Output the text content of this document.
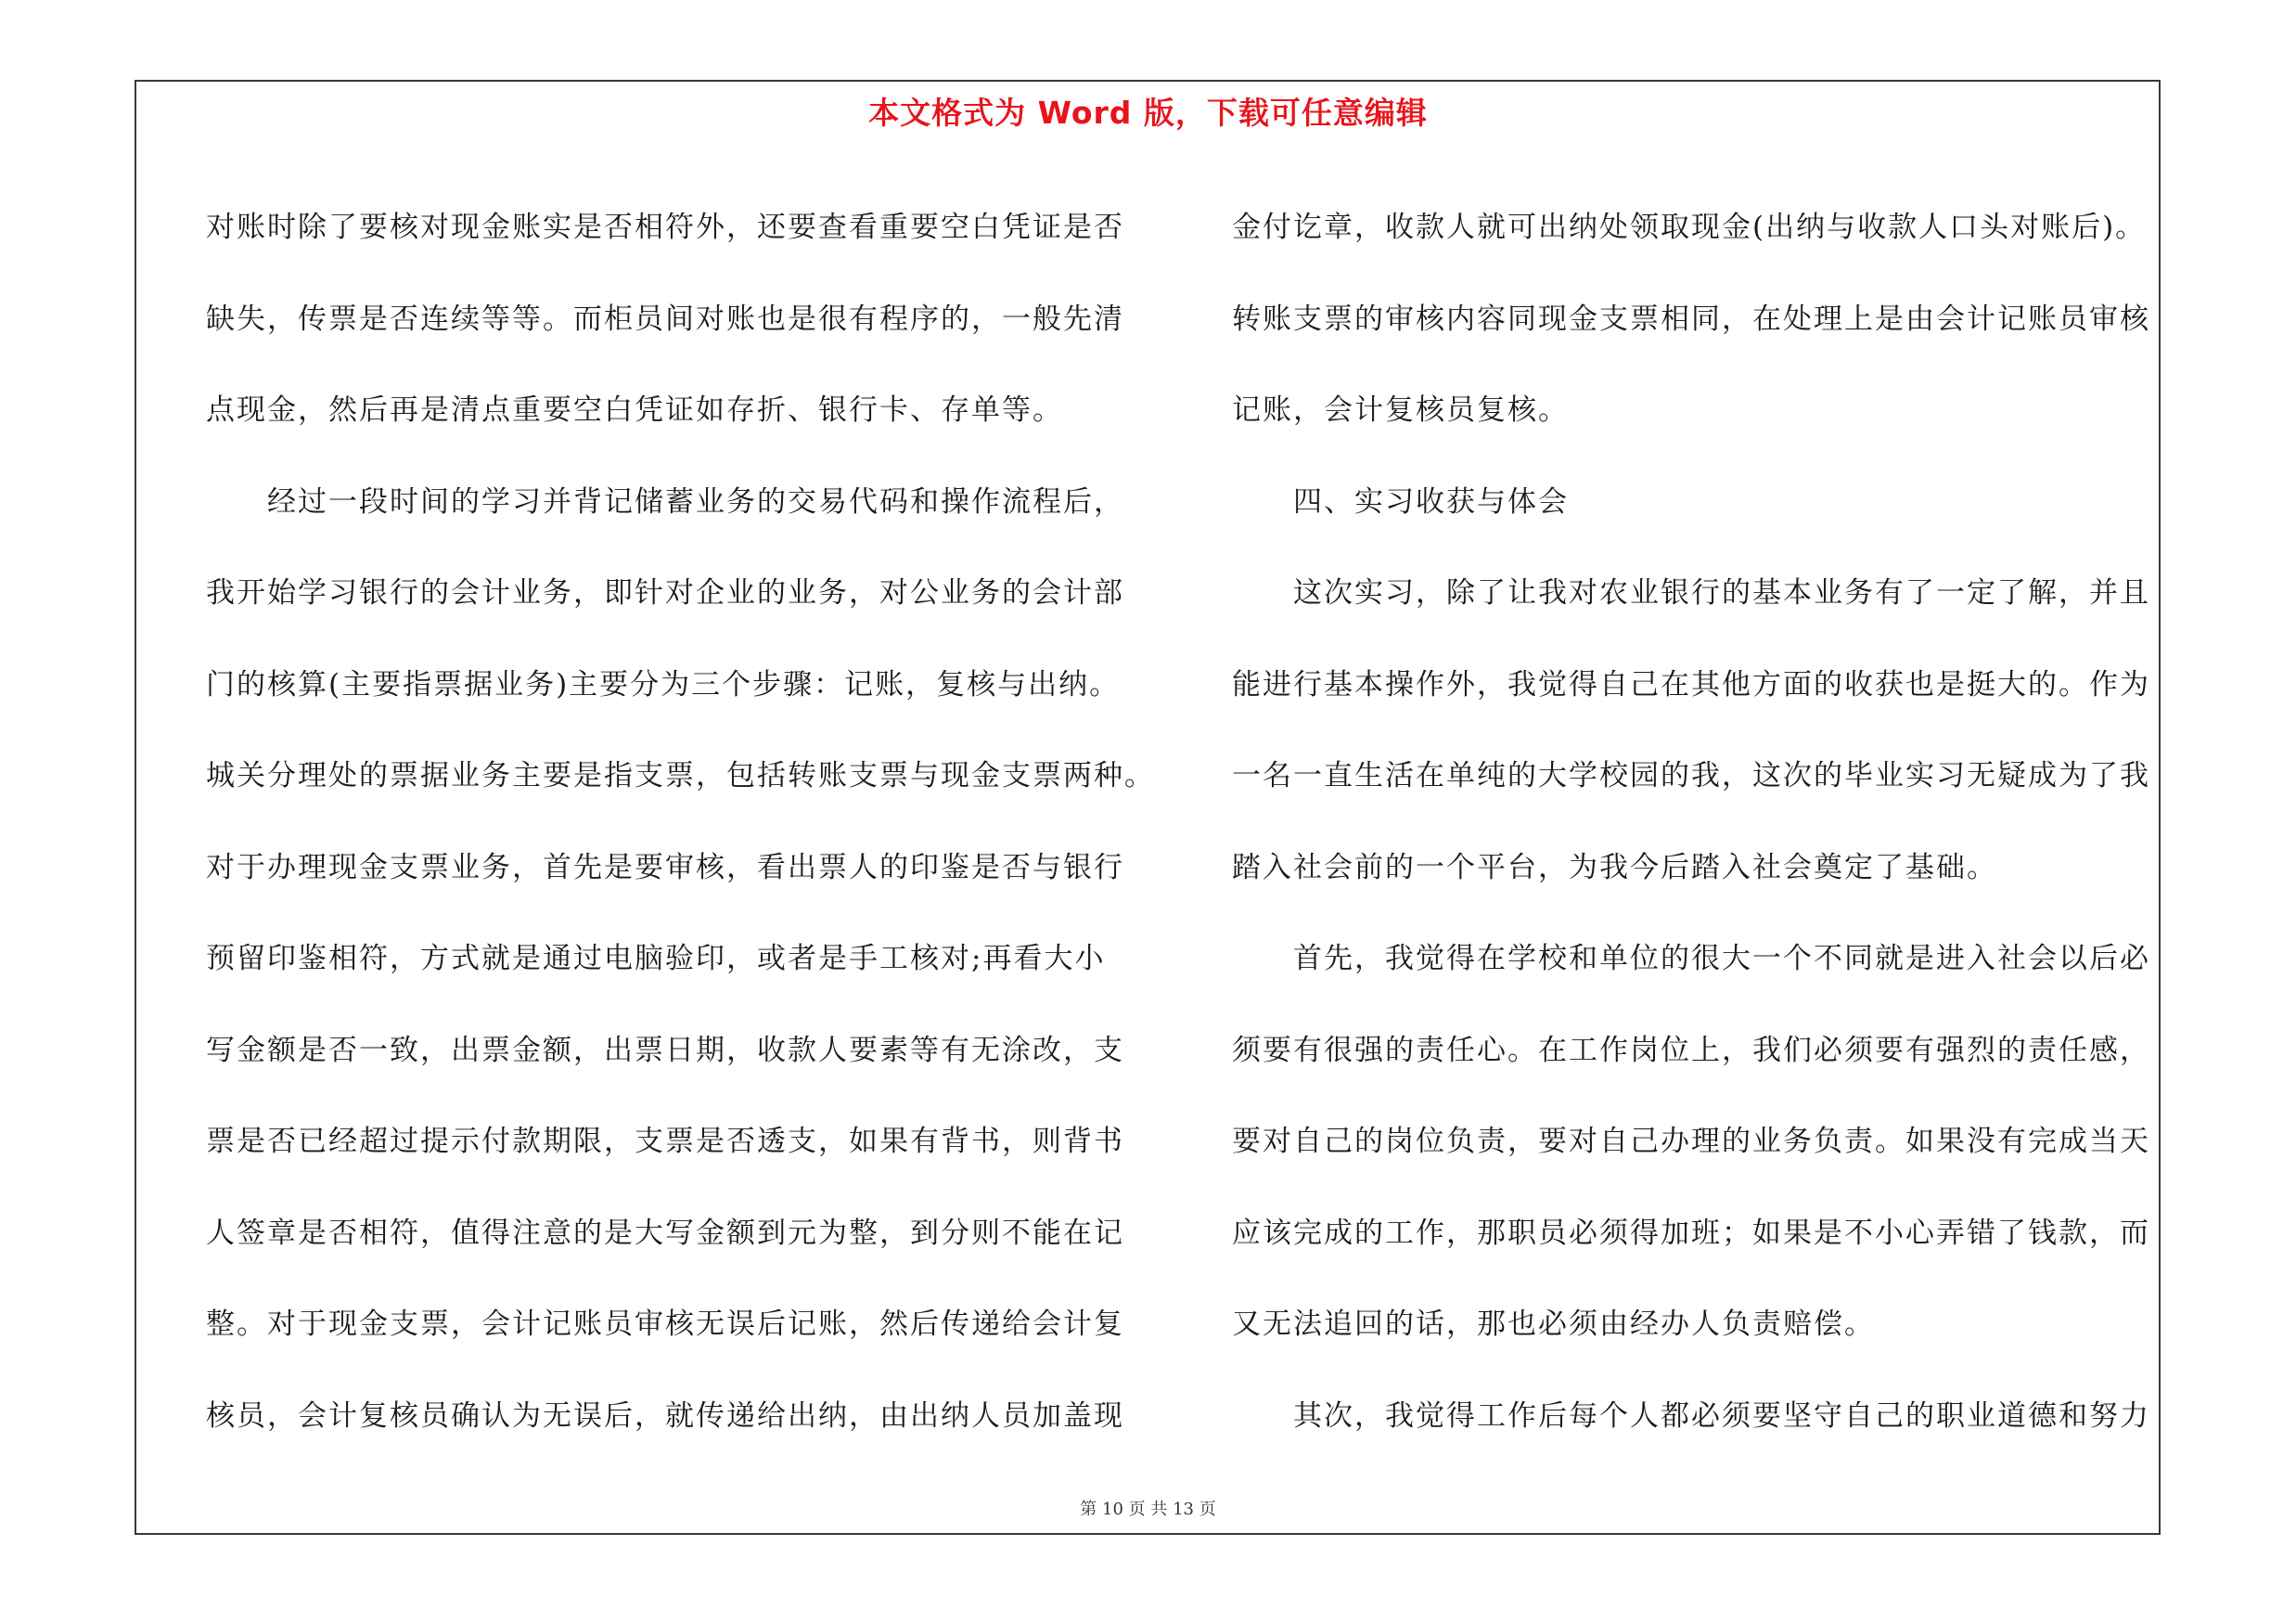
本文格式为 Word 版，下载可任意编辑
对账时除了要核对现金账实是否相符外，还要查看重要空白凭证是否
缺失，传票是否连续等等。而柜员间对账也是很有程序的，一般先清
点现金，然后再是清点重要空白凭证如存折、银行卡、存单等。
经过一段时间的学习并背记储蓄业务的交易代码和操作流程后，
我开始学习银行的会计业务，即针对企业的业务，对公业务的会计部
门的核算(主要指票据业务)主要分为三个步骤：记账，复核与出纳。
城关分理处的票据业务主要是指支票，包括转账支票与现金支票两种。
对于办理现金支票业务，首先是要审核，看出票人的印鉴是否与银行
预留印鉴相符，方式就是通过电脑验印，或者是手工核对;再看大小
写金额是否一致，出票金额，出票日期，收款人要素等有无涂改，支
票是否已经超过提示付款期限，支票是否透支，如果有背书，则背书
人签章是否相符，值得注意的是大写金额到元为整，到分则不能在记
整。对于现金支票，会计记账员审核无误后记账，然后传递给会计复
核员，会计复核员确认为无误后，就传递给出纳，由出纳人员加盖现
金付讫章，收款人就可出纳处领取现金(出纳与收款人口头对账后)。
转账支票的审核内容同现金支票相同，在处理上是由会计记账员审核
记账，会计复核员复核。
四、实习收获与体会
这次实习，除了让我对农业银行的基本业务有了一定了解，并且
能进行基本操作外，我觉得自己在其他方面的收获也是挺大的。作为
一名一直生活在单纯的大学校园的我，这次的毕业实习无疑成为了我
踏入社会前的一个平台，为我今后踏入社会奠定了基础。
首先，我觉得在学校和单位的很大一个不同就是进入社会以后必
须要有很强的责任心。在工作岗位上，我们必须要有强烈的责任感，
要对自己的岗位负责，要对自己办理的业务负责。如果没有完成当天
应该完成的工作，那职员必须得加班；如果是不小心弄错了钱款，而
又无法追回的话，那也必须由经办人负责赔偿。
其次，我觉得工作后每个人都必须要坚守自己的职业道德和努力
第 10 页 共 13 页
